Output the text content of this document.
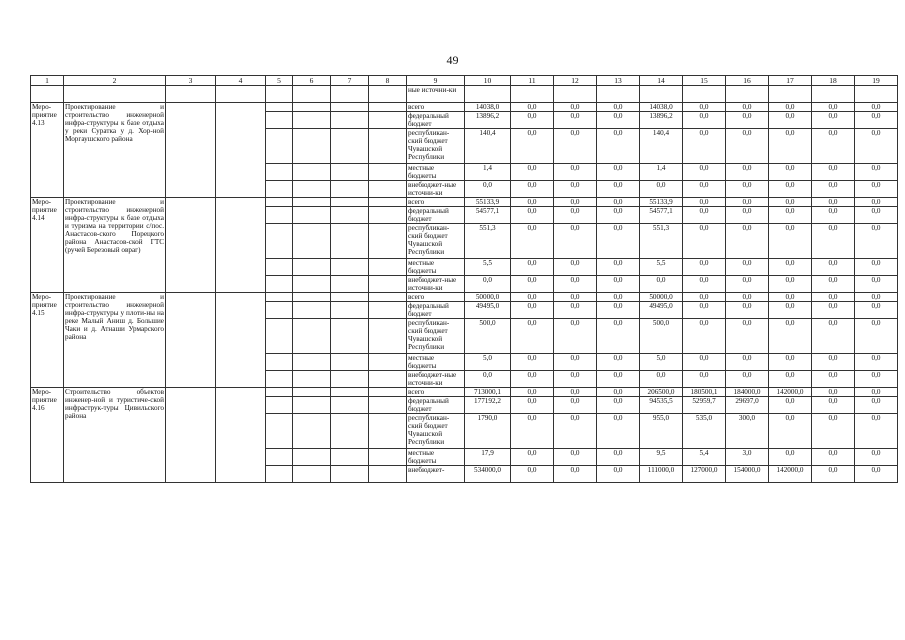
49
1	2	3	4	5	6	7	8	9	10	11	12	13	14	15	16	17	18	19
								ные источни-ки										
Меро-приятие 4.13	Проектирование и строительство инженерной инфра-структуры к базе отдыха у реки Суратка у д. Хор-ной Моргаушского района							всего	14038,0	0,0	0,0	0,0	14038,0	0,0	0,0	0,0	0,0	0,0
								федеральный бюджет	13896,2	0,0	0,0	0,0	13896,2	0,0	0,0	0,0	0,0	0,0
								республикан-ский бюджет Чувашской Республики	140,4	0,0	0,0	0,0	140,4	0,0	0,0	0,0	0,0	0,0
								местные бюджеты	1,4	0,0	0,0	0,0	1,4	0,0	0,0	0,0	0,0	0,0
								внебюджет-ные источни-ки	0,0	0,0	0,0	0,0	0,0	0,0	0,0	0,0	0,0	0,0
Меро-приятие 4.14	Проектирование и строительство инженерной инфра-структуры к базе отдыха и туризма на территории с/пос. Анастасов-ского Порецкого района Анастасов-ской ГТС (ручей Березовый овраг)							всего	55133,9	0,0	0,0	0,0	55133,9	0,0	0,0	0,0	0,0	0,0
								федеральный бюджет	54577,1	0,0	0,0	0,0	54577,1	0,0	0,0	0,0	0,0	0,0
								республикан-ский бюджет Чувашской Республики	551,3	0,0	0,0	0,0	551,3	0,0	0,0	0,0	0,0	0,0
								местные бюджеты	5,5	0,0	0,0	0,0	5,5	0,0	0,0	0,0	0,0	0,0
								внебюджет-ные источни-ки	0,0	0,0	0,0	0,0	0,0	0,0	0,0	0,0	0,0	0,0
Меро-приятие 4.15	Проектирование и строительство инженерной инфра-структуры у плоти-ны на реке Малый Аниш д. Большие Чаки и д. Атнаши Урмарского района							всего	50000,0	0,0	0,0	0,0	50000,0	0,0	0,0	0,0	0,0	0,0
								федеральный бюджет	49495,0	0,0	0,0	0,0	49495,0	0,0	0,0	0,0	0,0	0,0
								республикан-ский бюджет Чувашской Республики	500,0	0,0	0,0	0,0	500,0	0,0	0,0	0,0	0,0	0,0
								местные бюджеты	5,0	0,0	0,0	0,0	5,0	0,0	0,0	0,0	0,0	0,0
								внебюджет-ные источни-ки	0,0	0,0	0,0	0,0	0,0	0,0	0,0	0,0	0,0	0,0
Меро-приятие 4.16	Строительство объектов инженер-ной и туристиче-ской инфраструк-туры Цивильского района							всего	713000,1	0,0	0,0	0,0	206500,0	180500,1	184000,0	142000,0	0,0	0,0
								федеральный бюджет	177192,2	0,0	0,0	0,0	94535,5	52959,7	29697,0	0,0	0,0	0,0
								республикан-ский бюджет Чувашской Республики	1790,0	0,0	0,0	0,0	955,0	535,0	300,0	0,0	0,0	0,0
								местные бюджеты	17,9	0,0	0,0	0,0	9,5	5,4	3,0	0,0	0,0	0,0
								внебюджет-	534000,0	0,0	0,0	0,0	111000,0	127000,0	154000,0	142000,0	0,0	0,0
